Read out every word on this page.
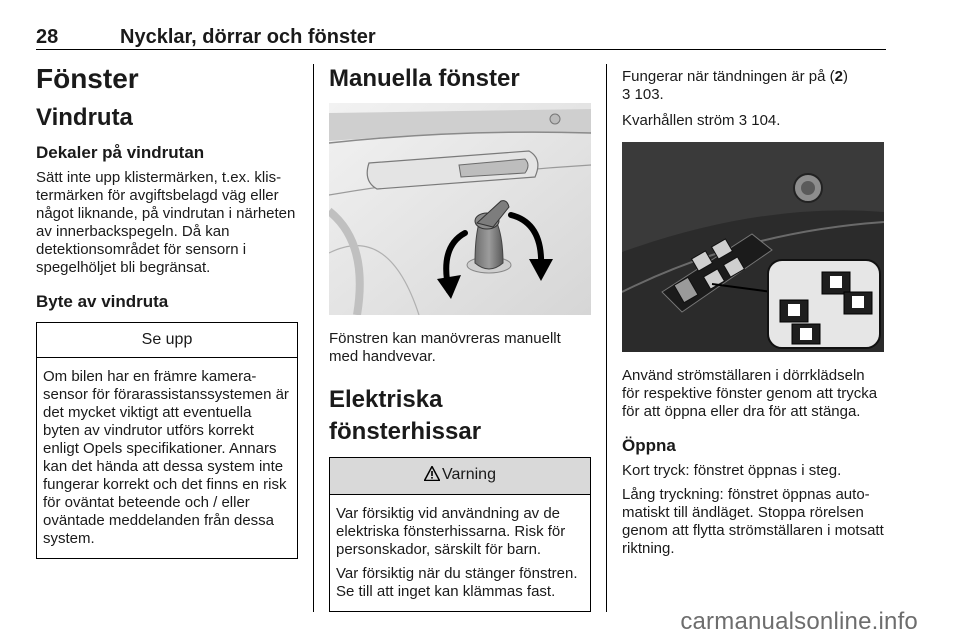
28	Nycklar, dörrar och fönster
Fönster
Vindruta
Dekaler på vindrutan

Sätt inte upp klistermärken, t.ex. klistermärken för avgiftsbelagd väg eller något liknande, på vindrutan i närheten av innerbackspegeln. Då kan detektionsområdet för sensorn i spegelhöljet bli begränsat.

Byte av vindruta
Se upp

Om bilen har en främre kamerasensor för förarassistanssystemen är det mycket viktigt att eventuella byten av vindrutor utförs korrekt enligt Opels specifikationer. Annars kan det hända att dessa system inte fungerar korrekt och det finns en risk för oväntat beteende och / eller oväntade meddelanden från dessa system.

Manuella fönster

Fönstren kan manövreras manuellt med handvevar.

Elektriska fönsterhissar
Varning

Var försiktig vid användning av de elektriska fönsterhissarna. Risk för personskador, särskilt för barn.

Var försiktig när du stänger fönstren. Se till att inget kan klämmas fast.

Fungerar när tändningen är på (2)
3 103.

Kvarhållen ström 3 104.

Använd strömställaren i dörrklädseln för respektive fönster genom att trycka för att öppna eller dra för att stänga.

Öppna

Kort tryck: fönstret öppnas i steg.

Lång tryckning: fönstret öppnas automatiskt till ändläget. Stoppa rörelsen genom att flytta strömställaren i motsatt riktning.

carmanualsonline.info
